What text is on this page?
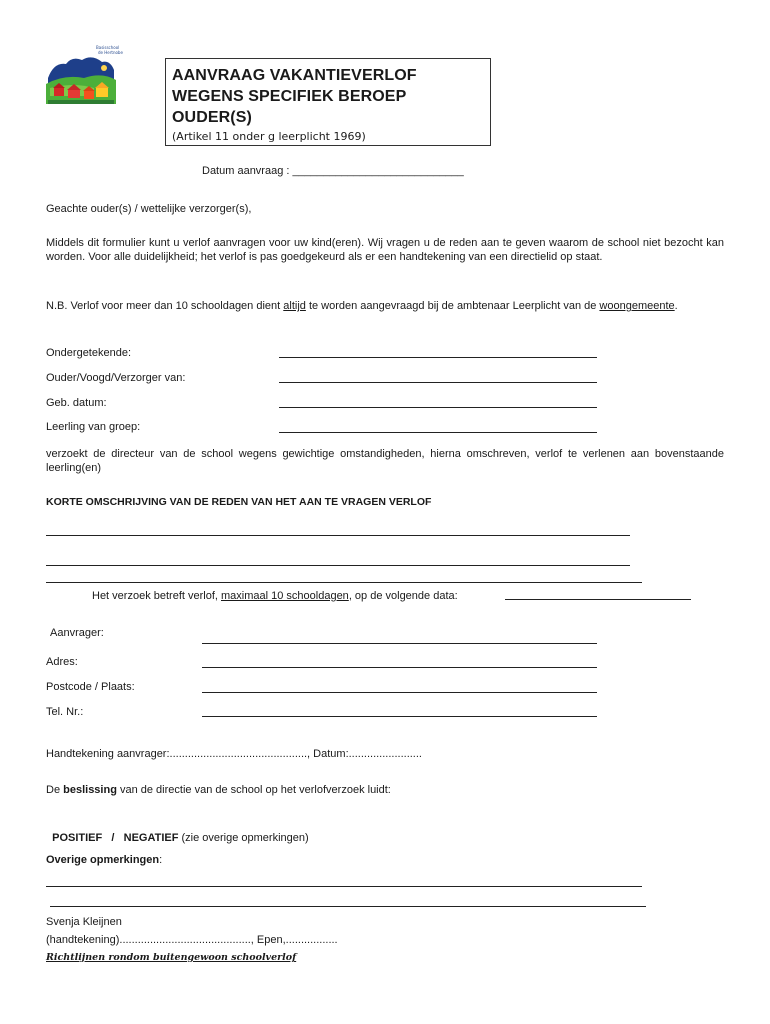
Basisschool
de Hertnobe
AANVRAAG VAKANTIEVERLOF
WEGENS SPECIFIEK BEROEP
OUDER(S)
(Artikel 11 onder g leerplicht 1969)
Datum aanvraag : ____________________________
Geachte ouder(s) / wettelijke verzorger(s),
Middels dit formulier kunt u verlof aanvragen voor uw kind(eren). Wij vragen u de reden aan te geven waarom de school niet bezocht kan worden. Voor alle duidelijkheid; het verlof is pas goedgekeurd als er een handtekening van een directielid op staat.
N.B. Verlof voor meer dan 10 schooldagen dient altijd te worden aangevraagd bij de ambtenaar Leerplicht van de woongemeente.
Ondergetekende:
Ouder/Voogd/Verzorger van:
Geb. datum:
Leerling van groep:
verzoekt de directeur van de school wegens gewichtige omstandigheden, hierna omschreven, verlof te verlenen aan bovenstaande leerling(en)
KORTE OMSCHRIJVING VAN DE REDEN VAN HET AAN TE VRAGEN VERLOF
Het verzoek betreft verlof, maximaal 10 schooldagen, op de volgende data:
Aanvrager:
Adres:
Postcode / Plaats:
Tel. Nr.:
Handtekening aanvrager:............................................., Datum:........................
De beslissing van de directie van de school op het verlofverzoek luidt:

POSITIEF   /   NEGATIEF (zie overige opmerkingen)

Overige opmerkingen:
Svenja Kleijnen
(handtekening)..........................................., Epen,.................
Richtlijnen rondom buitengewoon schoolverlof
